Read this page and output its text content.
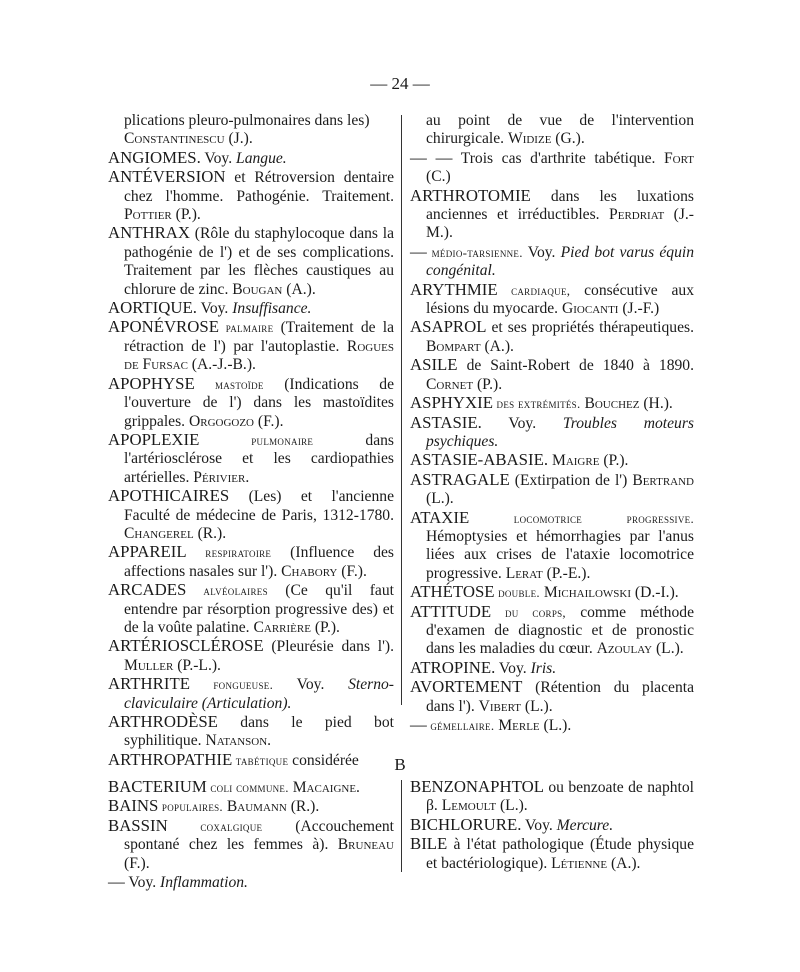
— 24 —

plications pleuro-pulmonaires dans les)

Constantinescu (J.).

ANGIOMES. Voy. Langue.

ANTÉVERSION et Rétroversion dentaire chez l'homme. Pathogénie. Traitement. Pottier (P.).

ANTHRAX (Rôle du staphylocoque dans la pathogénie de l') et de ses complications. Traitement par les flèches caustiques au chlorure de zinc. Bougan (A.).

AORTIQUE. Voy. Insuffisance.

APONÉVROSE palmaire (Traitement de la rétraction de l') par l'autoplastie. Rogues de Fursac (A.-J.-B.).

APOPHYSE mastoïde (Indications de l'ouverture de l') dans les mastoïdites grippales. Orgogozo (F.).

APOPLEXIE pulmonaire dans l'artériosclérose et les cardiopathies artérielles. Périvier.

APOTHICAIRES (Les) et l'ancienne Faculté de médecine de Paris, 1312-1780. Changerel (R.).

APPAREIL respiratoire (Influence des affections nasales sur l'). Chabory (F.).

ARCADES alvéolaires (Ce qu'il faut entendre par résorption progressive des) et de la voûte palatine. Carrière (P.).

ARTÉRIOSCLÉROSE (Pleurésie dans l'). Muller (P.-L.).

ARTHRITE fongueuse. Voy. Sterno-claviculaire (Articulation).

ARTHRODÈSE dans le pied bot syphilitique. Natanson.

ARTHROPATHIE tabétique considérée

au point de vue de l'intervention chirurgicale. Widize (G.).

— — Trois cas d'arthrite tabétique. Fort (C.)

ARTHROTOMIE dans les luxations anciennes et irréductibles. Perdriat (J.-M.).

— médio-tarsienne. Voy. Pied bot varus équin congénital.

ARYTHMIE cardiaque, consécutive aux lésions du myocarde. Giocanti (J.-F.)

ASAPROL et ses propriétés thérapeutiques. Bompart (A.).

ASILE de Saint-Robert de 1840 à 1890. Cornet (P.).

ASPHYXIE des extrémités. Bouchez (H.).

ASTASIE. Voy. Troubles moteurs psychiques.

ASTASIE-ABASIE. Maigre (P.).

ASTRAGALE (Extirpation de l') Bertrand (L.).

ATAXIE locomotrice progressive. Hémoptysies et hémorrhagies par l'anus liées aux crises de l'ataxie locomotrice progressive. Lerat (P.-E.).

ATHÉTOSE double. Michailowski (D.-I.).

ATTITUDE du corps, comme méthode d'examen de diagnostic et de pronostic dans les maladies du cœur. Azoulay (L.).

ATROPINE. Voy. Iris.

AVORTEMENT (Rétention du placenta dans l'). Vibert (L.).

— gémellaire. Merle (L.).

B

BACTERIUM coli commune. Macaigne.

BAINS populaires. Baumann (R.).

BASSIN coxalgique (Accouchement spontané chez les femmes à). Bruneau (F.).

— Voy. Inflammation.

BENZONAPHTOL ou benzoate de naphtol β. Lemoult (L.).

BICHLORURE. Voy. Mercure.

BILE à l'état pathologique (Étude physique et bactériologique). Létienne (A.).
